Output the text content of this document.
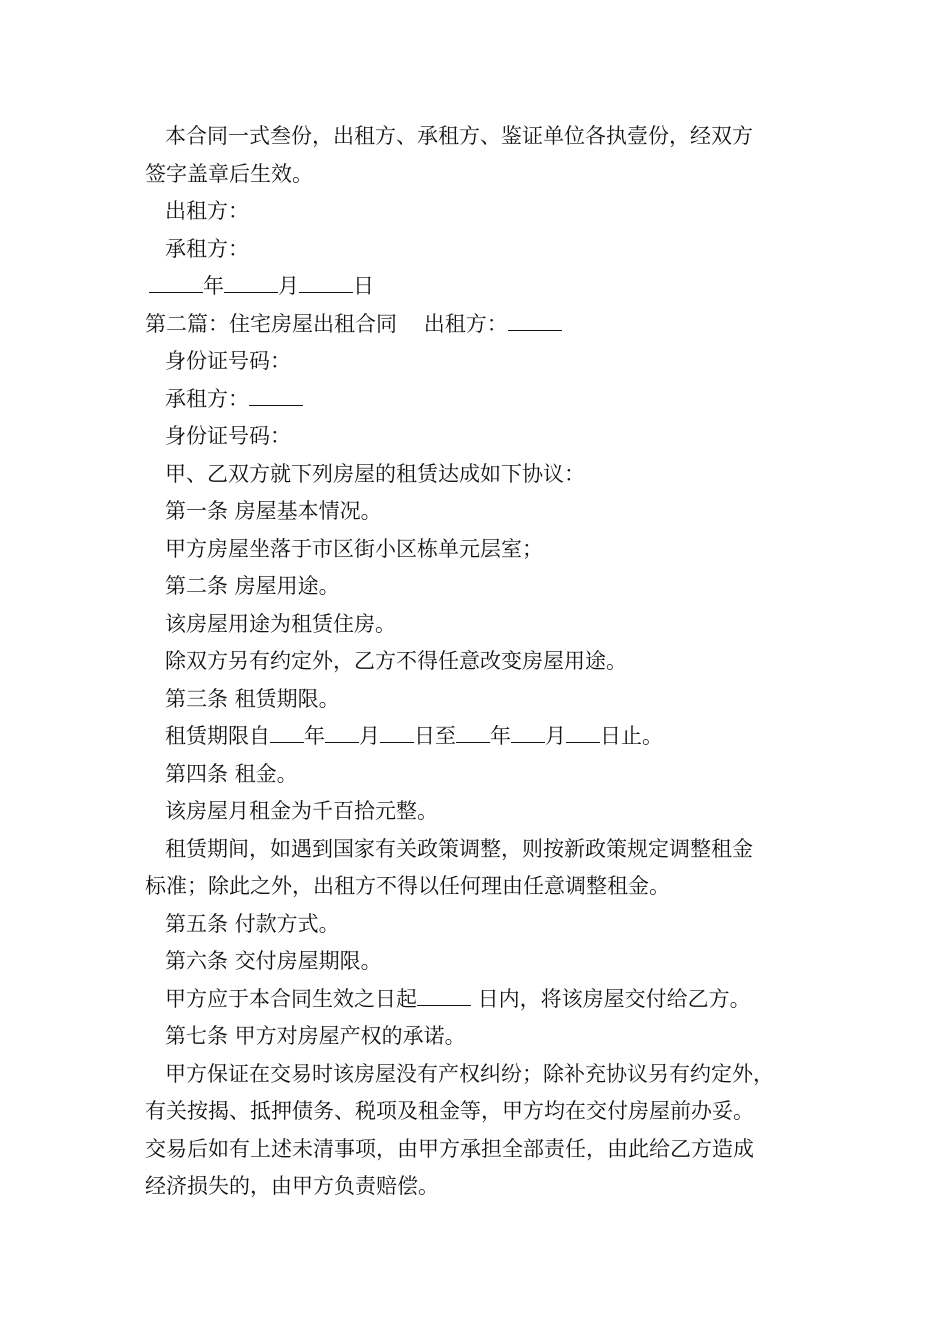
本合同一式叁份，出租方、承租方、鉴证单位各执壹份，经双方

签字盖章后生效。

出租方：

承租方：

年	月	日

第二篇：住宅房屋出租合同 出租方：

身份证号码：

承租方：

身份证号码：

甲、乙双方就下列房屋的租赁达成如下协议：

第一条 房屋基本情况。

甲方房屋坐落于市区街小区栋单元层室；

第二条 房屋用途。

该房屋用途为租赁住房。

除双方另有约定外，乙方不得任意改变房屋用途。

第三条 租赁期限。

租赁期限自 年 月 日至 年 月 日止。

第四条 租金。

该房屋月租金为千百拾元整。

租赁期间，如遇到国家有关政策调整，则按新政策规定调整租金

标准；除此之外，出租方不得以任何理由任意调整租金。

第五条 付款方式。

第六条 交付房屋期限。

甲方应于本合同生效之日起	日内，将该房屋交付给乙方。

第七条 甲方对房屋产权的承诺。

甲方保证在交易时该房屋没有产权纠纷；除补充协议另有约定外，

有关按揭、抵押债务、税项及租金等，甲方均在交付房屋前办妥。

交易后如有上述未清事项，由甲方承担全部责任，由此给乙方造成

经济损失的，由甲方负责赔偿。
